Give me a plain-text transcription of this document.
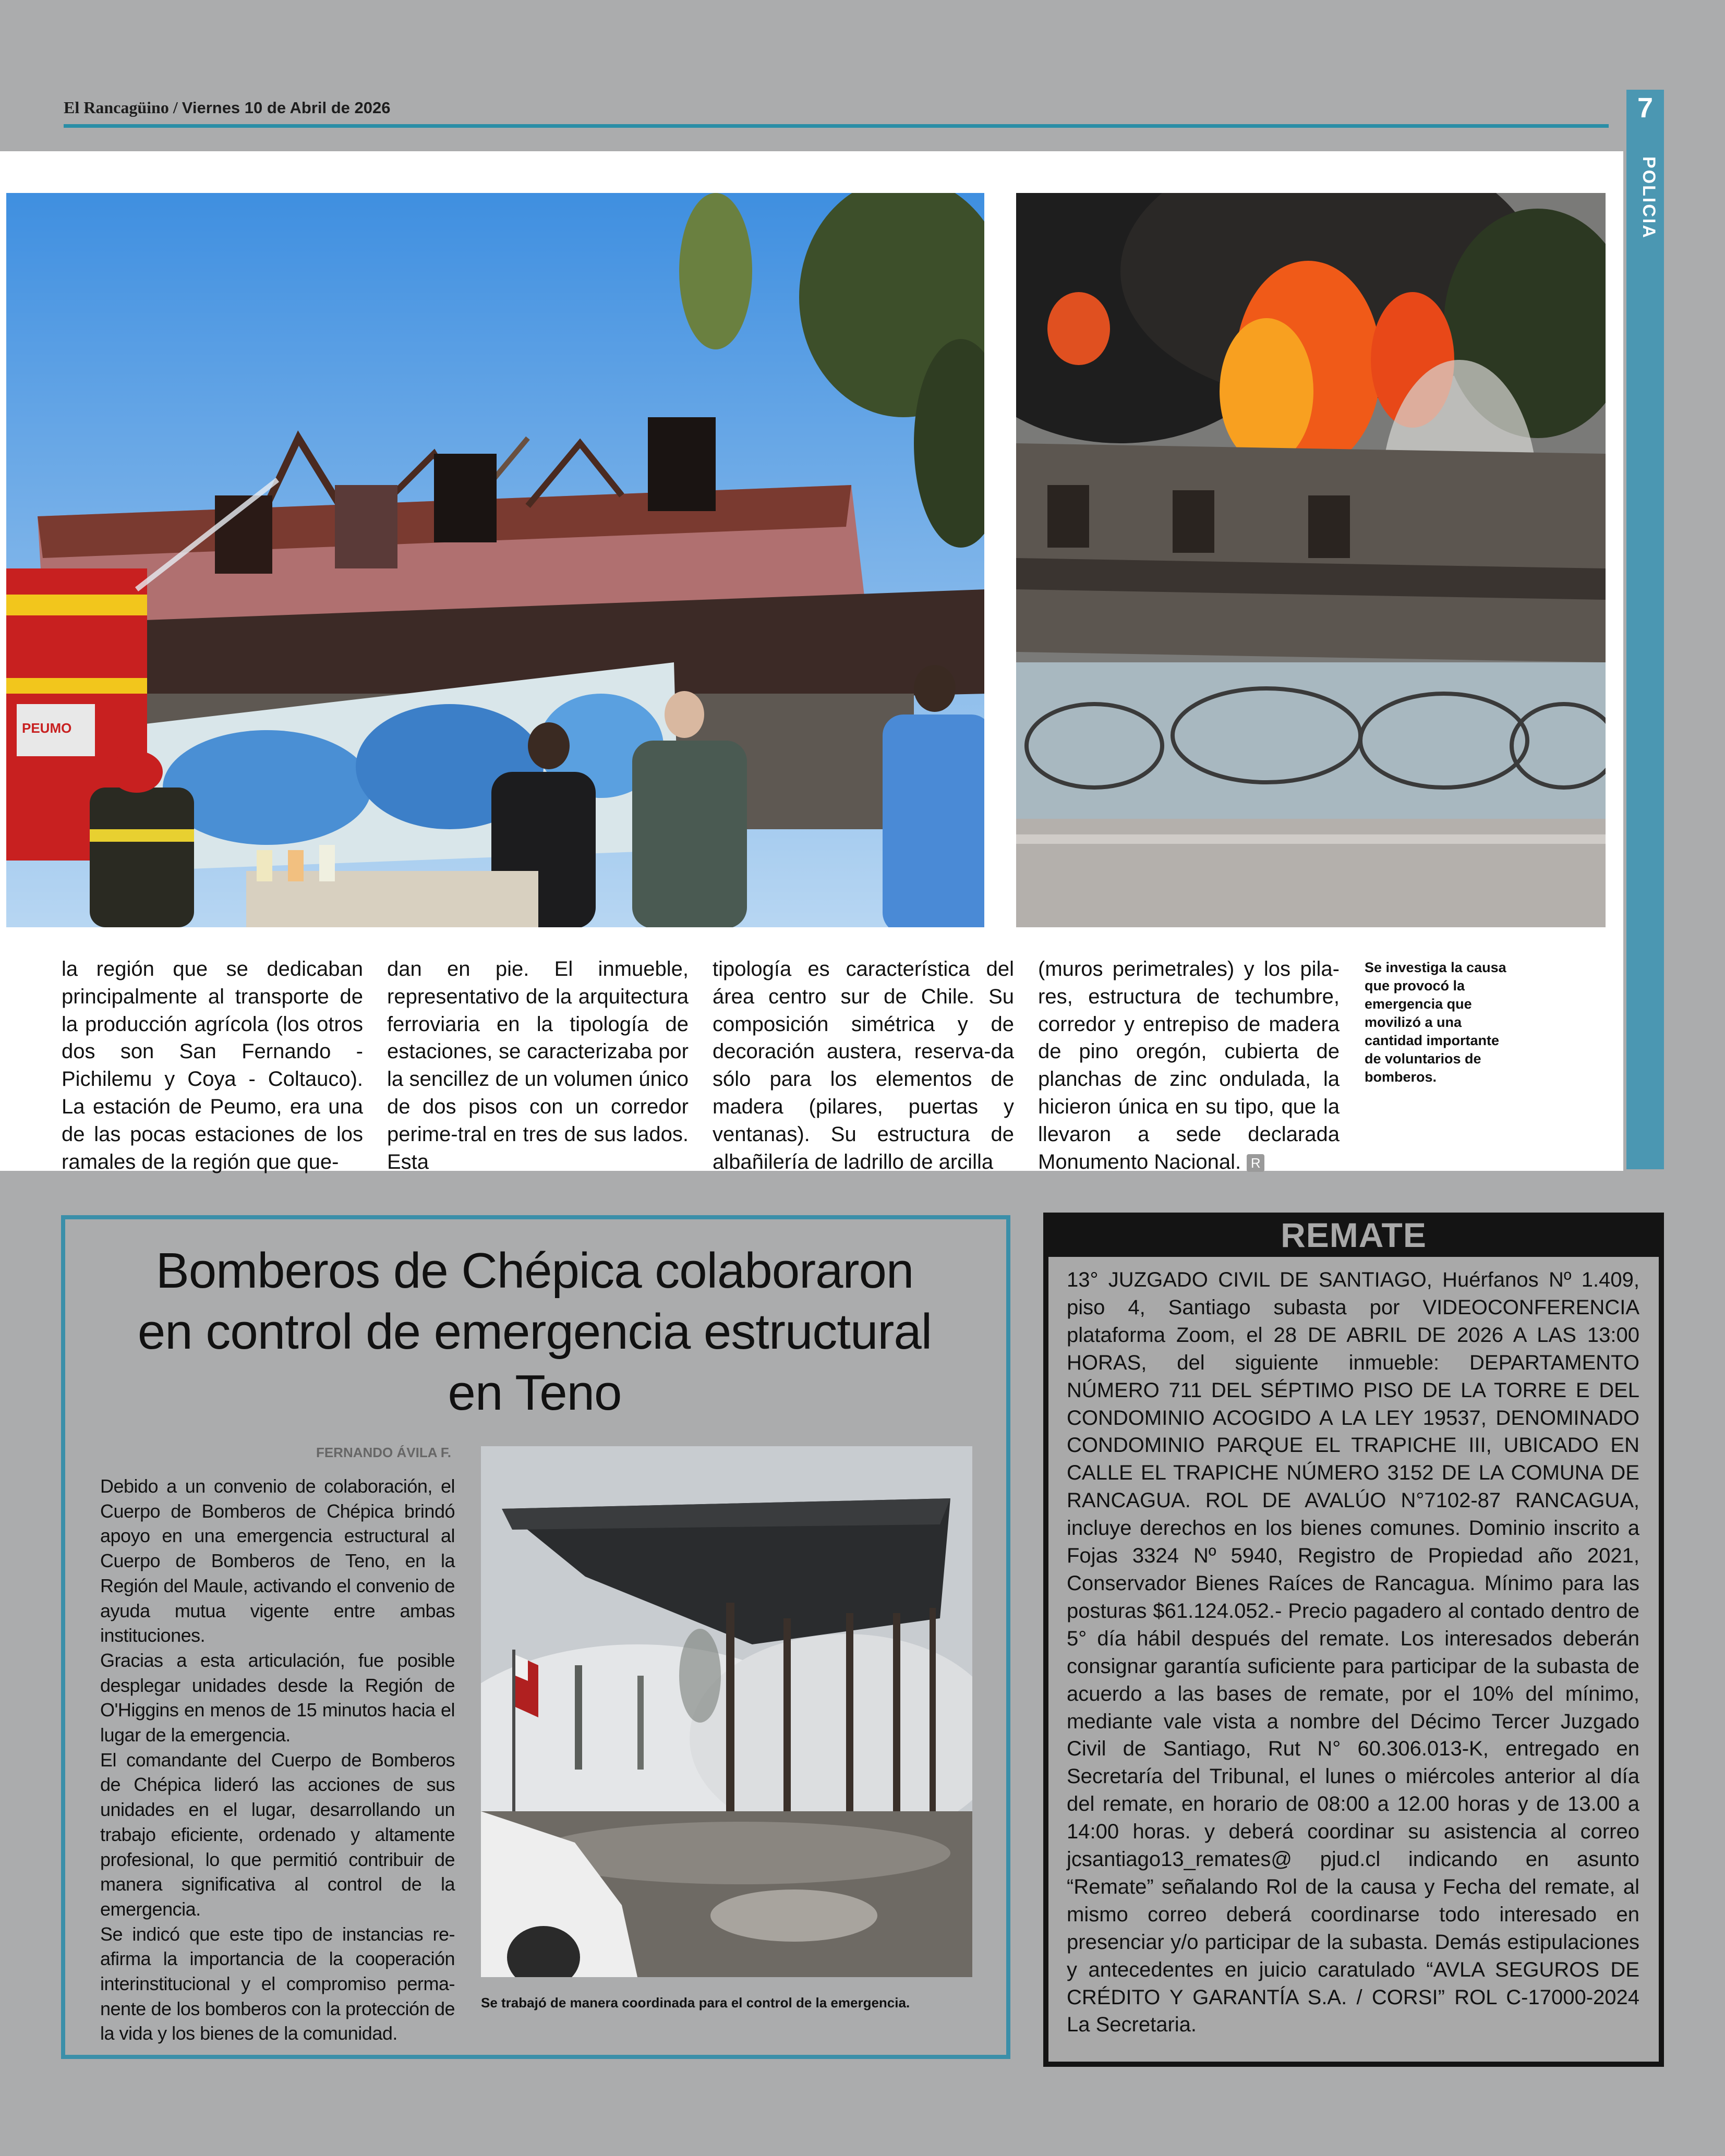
El Rancagüino / Viernes 10 de Abril de 2026	7
POLICIA
PEUMO
la región que se dedicaban principalmente al transporte de la producción agrícola (los otros dos son San Fernando - Pichilemu y Coya - Coltauco). La estación de Peumo, era una de las pocas estaciones de los ramales de la región que que-
dan en pie. El inmueble, representativo de la arquitectura ferroviaria en la tipología de estaciones, se caracterizaba por la sencillez de un volumen único de dos pisos con un corredor perime-tral en tres de sus lados. Esta
tipología es característica del área centro sur de Chile. Su composición simétrica y de decoración austera, reserva-da sólo para los elementos de madera (pilares, puertas y ventanas). Su estructura de albañilería de ladrillo de arcilla
(muros perimetrales) y los pila-res, estructura de techumbre, corredor y entrepiso de madera de pino oregón, cubierta de planchas de zinc ondulada, la hicieron única en su tipo, que la llevaron a sede declarada Monumento Nacional. R
Se investiga la causa que provocó la emergencia que movilizó a una cantidad importante de voluntarios de bomberos.
Bomberos de Chépica colaboraron en control de emergencia estructural en Teno
FERNANDO ÁVILA F.

Debido a un convenio de colaboración, el Cuerpo de Bomberos de Chépica brindó apoyo en una emergencia estructural al Cuerpo de Bomberos de Teno, en la Región del Maule, activando el convenio de ayuda mutua vigente entre ambas instituciones.

Gracias a esta articulación, fue posible desplegar unidades desde la Región de O'Higgins en menos de 15 minutos hacia el lugar de la emergencia.

El comandante del Cuerpo de Bomberos de Chépica lideró las acciones de sus unidades en el lugar, desarrollando un trabajo eficiente, ordenado y altamente profesional, lo que permitió contribuir de manera significativa al control de la emergencia.

Se indicó que este tipo de instancias re-afirma la importancia de la cooperación interinstitucional y el compromiso perma-nente de los bomberos con la protección de la vida y los bienes de la comunidad.

Se trabajó de manera coordinada para el control de la emergencia.
REMATE
13° JUZGADO CIVIL DE SANTIAGO, Huérfanos Nº 1.409, piso 4, Santiago subasta por VIDEOCONFERENCIA plataforma Zoom, el 28 DE ABRIL DE 2026 A LAS 13:00 HORAS, del siguiente inmueble: DEPARTAMENTO NÚMERO 711 DEL SÉPTIMO PISO DE LA TORRE E DEL CONDOMINIO ACOGIDO A LA LEY 19537, DENOMINADO CONDOMINIO PARQUE EL TRAPICHE III, UBICADO EN CALLE EL TRAPICHE NÚMERO 3152 DE LA COMUNA DE RANCAGUA. ROL DE AVALÚO N°7102-87 RANCAGUA, incluye derechos en los bienes comunes. Dominio inscrito a Fojas 3324 Nº 5940, Registro de Propiedad año 2021, Conservador Bienes Raíces de Rancagua. Mínimo para las posturas $61.124.052.- Precio pagadero al contado dentro de 5° día hábil después del remate. Los interesados deberán consignar garantía suficiente para participar de la subasta de acuerdo a las bases de remate, por el 10% del mínimo, mediante vale vista a nombre del Décimo Tercer Juzgado Civil de Santiago, Rut N° 60.306.013-K, entregado en Secretaría del Tribunal, el lunes o miércoles anterior al día del remate, en horario de 08:00 a 12.00 horas y de 13.00 a 14:00 horas. y deberá coordinar su asistencia al correo jcsantiago13_remates@ pjud.cl indicando en asunto “Remate” señalando Rol de la causa y Fecha del remate, al mismo correo deberá coordinarse todo interesado en presenciar y/o participar de la subasta. Demás estipulaciones y antecedentes en juicio caratulado “AVLA SEGUROS DE CRÉDITO Y GARANTÍA S.A. / CORSI” ROL C-17000-2024 La Secretaria.
